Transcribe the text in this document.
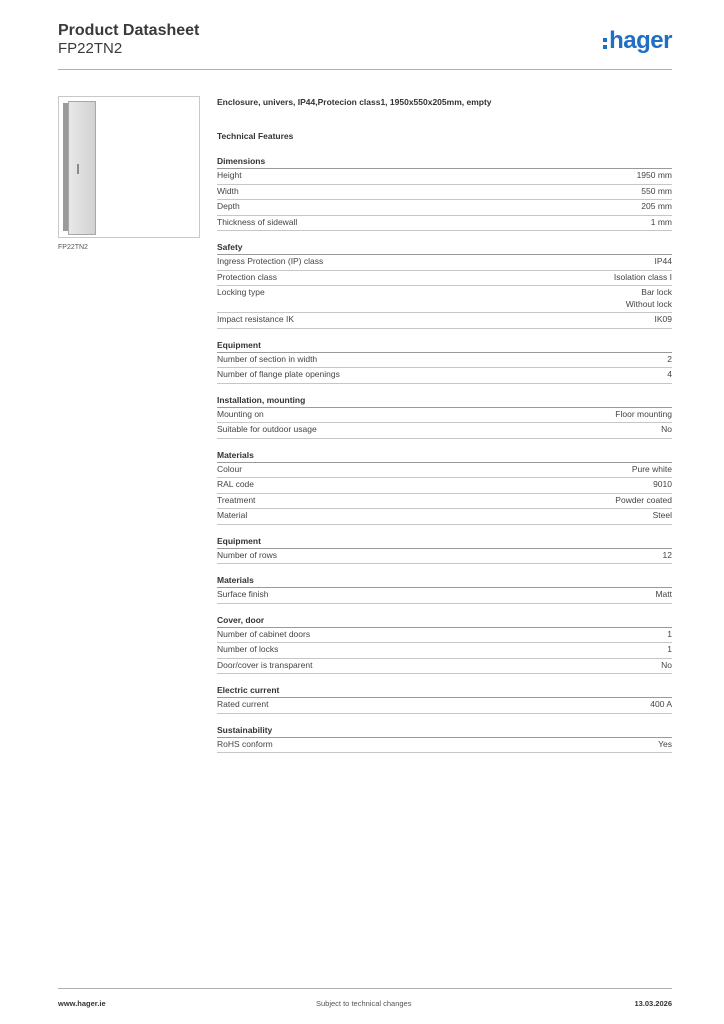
Product Datasheet
FP22TN2	hager
FP22TN2
Enclosure, univers, IP44,Protecion class1, 1950x550x205mm, empty
Technical Features
Dimensions
Height	1950 mm
Width	550 mm
Depth	205 mm
Thickness of sidewall	1 mm
Safety
Ingress Protection (IP) class	IP44
Protection class	Isolation class I
Locking type	Bar lock
Without lock
Impact resistance IK	IK09
Equipment
Number of section in width	2
Number of flange plate openings	4
Installation, mounting
Mounting on	Floor mounting
Suitable for outdoor usage	No
Materials
Colour	Pure white
RAL code	9010
Treatment	Powder coated
Material	Steel
Equipment
Number of rows	12
Materials
Surface finish	Matt
Cover, door
Number of cabinet doors	1
Number of locks	1
Door/cover is transparent	No
Electric current
Rated current	400 A
Sustainability
RoHS conform	Yes
www.hager.ie	Subject to technical changes	13.03.2026
